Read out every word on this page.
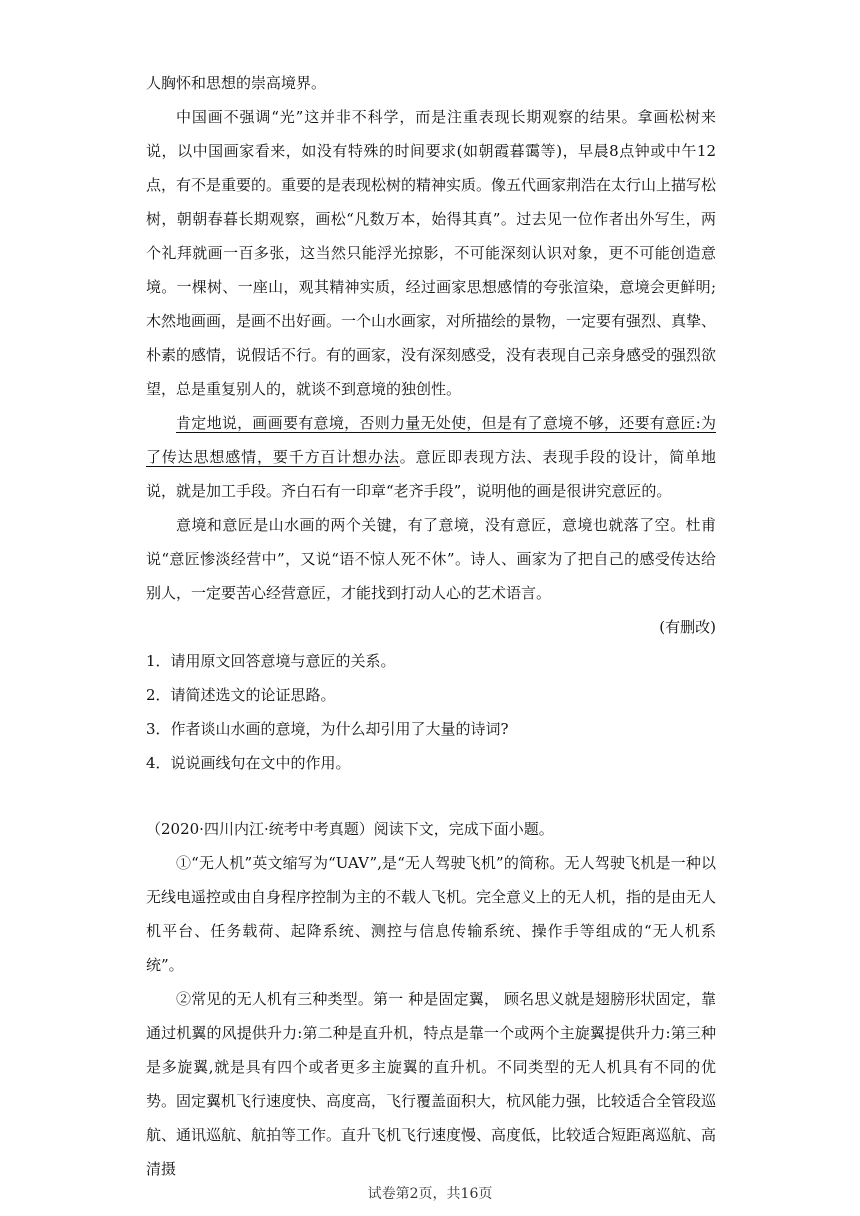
人胸怀和思想的崇高境界。

中国画不强调“光”这并非不科学，而是注重表现长期观察的结果。拿画松树来说，以中国画家看来，如没有特殊的时间要求(如朝霞暮霭等)，早晨8点钟或中午12点，有不是重要的。重要的是表现松树的精神实质。像五代画家荆浩在太行山上描写松树，朝朝春暮长期观察，画松“凡数万本，始得其真”。过去见一位作者出外写生，两个礼拜就画一百多张，这当然只能浮光掠影，不可能深刻认识对象，更不可能创造意境。一棵树、一座山，观其精神实质，经过画家思想感情的夸张渲染，意境会更鲜明;木然地画画，是画不出好画。一个山水画家，对所描绘的景物，一定要有强烈、真挚、朴素的感情，说假话不行。有的画家，没有深刻感受，没有表现自己亲身感受的强烈欲望，总是重复别人的，就谈不到意境的独创性。

肯定地说，画画要有意境，否则力量无处使，但是有了意境不够，还要有意匠:为了传达思想感情，要千方百计想办法。意匠即表现方法、表现手段的设计，简单地说，就是加工手段。齐白石有一印章“老齐手段”，说明他的画是很讲究意匠的。

意境和意匠是山水画的两个关键，有了意境，没有意匠，意境也就落了空。杜甫说“意匠惨淡经营中”，又说“语不惊人死不休”。诗人、画家为了把自己的感受传达给别人，一定要苦心经营意匠，才能找到打动人心的艺术语言。

(有删改)

1．请用原文回答意境与意匠的关系。

2．请简述选文的论证思路。

3．作者谈山水画的意境，为什么却引用了大量的诗词?

4．说说画线句在文中的作用。

（2020·四川内江·统考中考真题）阅读下文，完成下面小题。

①“无人机”英文缩写为“UAV”,是“无人驾驶飞机”的简称。无人驾驶飞机是一种以无线电遥控或由自身程序控制为主的不载人飞机。完全意义上的无人机，指的是由无人机平台、任务载荷、起降系统、测控与信息传输系统、操作手等组成的“无人机系统”。

②常见的无人机有三种类型。第一 种是固定翼， 顾名思义就是翅膀形状固定，靠通过机翼的风提供升力:第二种是直升机，特点是靠一个或两个主旋翼提供升力:第三种是多旋翼,就是具有四个或者更多主旋翼的直升机。不同类型的无人机具有不同的优势。固定翼机飞行速度快、高度高，飞行覆盖面积大，杭风能力强，比较适合全管段巡航、通讯巡航、航拍等工作。直升飞机飞行速度慢、高度低，比较适合短距离巡航、高清摄

试卷第2页，共16页
